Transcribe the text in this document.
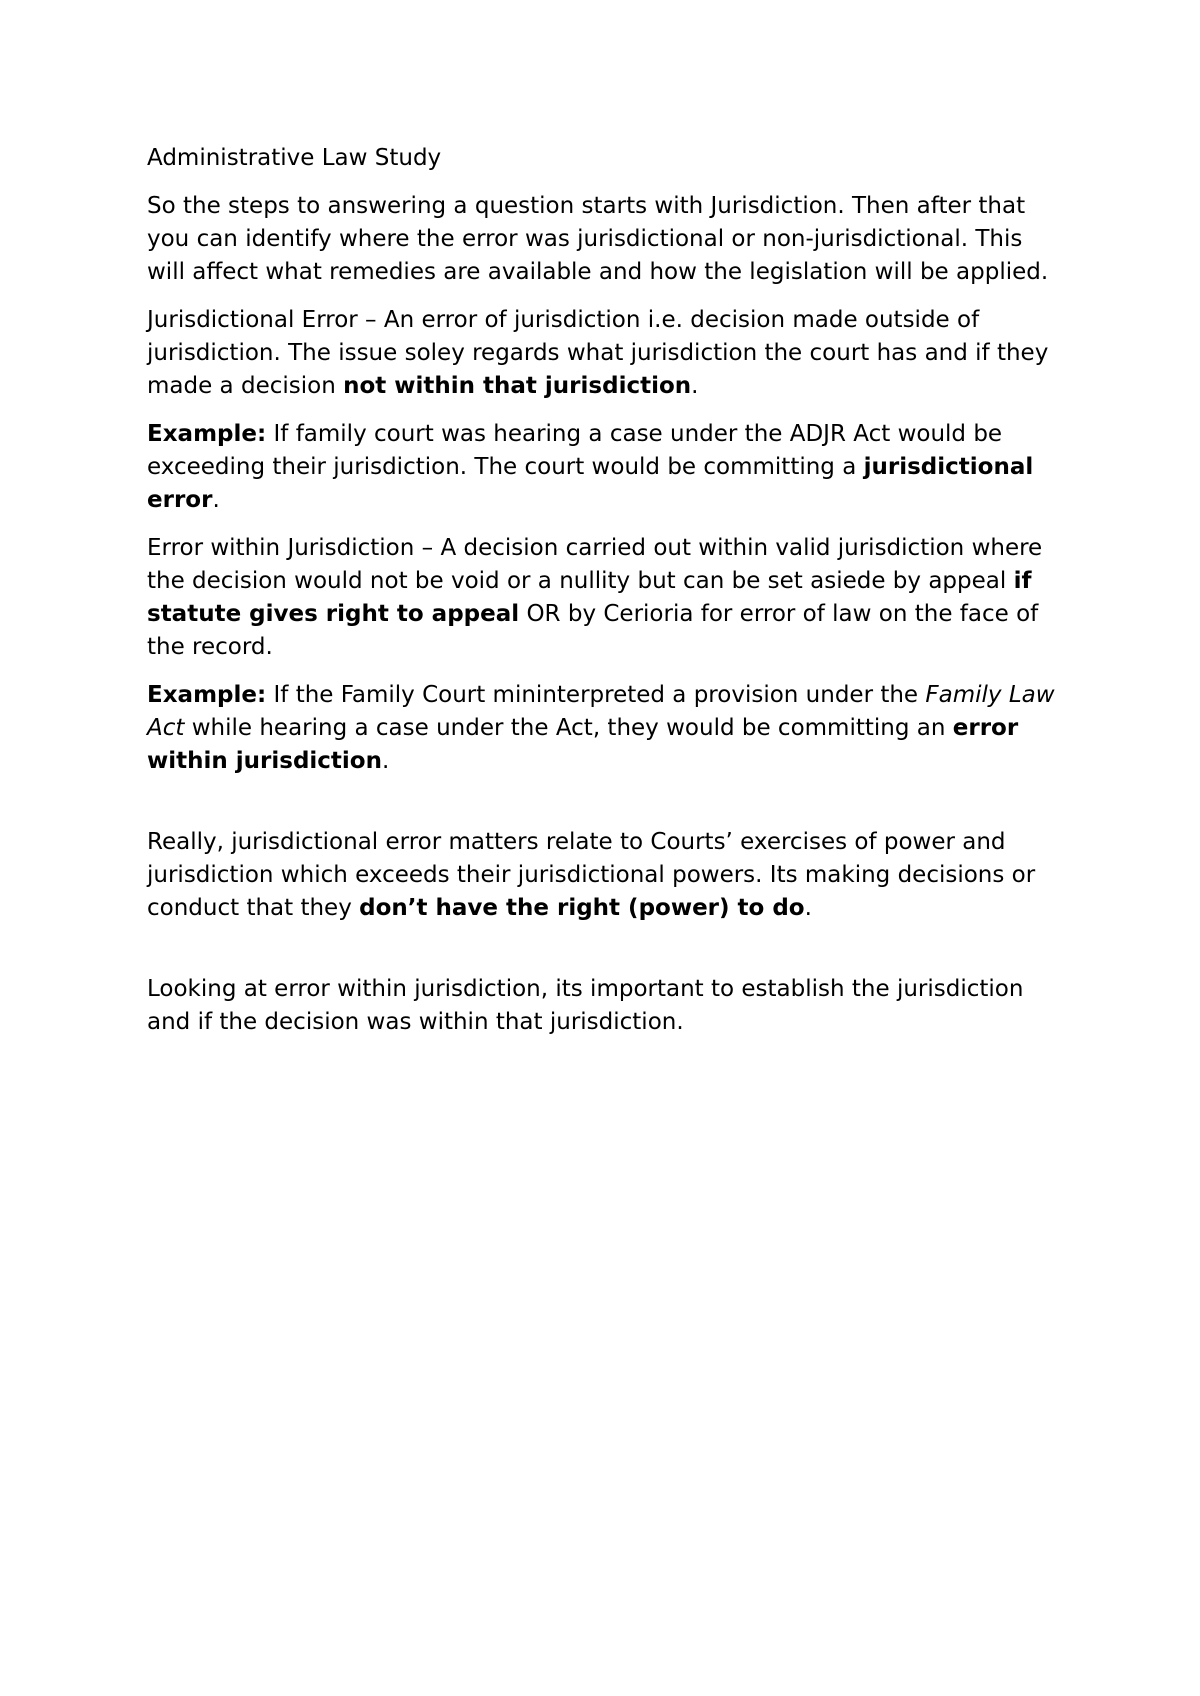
Administrative Law Study

So the steps to answering a question starts with Jurisdiction. Then after that you can identify where the error was jurisdictional or non-jurisdictional. This will affect what remedies are available and how the legislation will be applied.

Jurisdictional Error – An error of jurisdiction i.e. decision made outside of jurisdiction. The issue soley regards what jurisdiction the court has and if they made a decision not within that jurisdiction.

Example: If family court was hearing a case under the ADJR Act would be exceeding their jurisdiction. The court would be committing a jurisdictional error.

Error within Jurisdiction – A decision carried out within valid jurisdiction where the decision would not be void or a nullity but can be set asiede by appeal if statute gives right to appeal OR by Cerioria for error of law on the face of the record.

Example: If the Family Court mininterpreted a provision under the Family Law Act while hearing a case under the Act, they would be committing an error within jurisdiction.

Really, jurisdictional error matters relate to Courts’ exercises of power and jurisdiction which exceeds their jurisdictional powers. Its making decisions or conduct that they don’t have the right (power) to do.

Looking at error within jurisdiction, its important to establish the jurisdiction and if the decision was within that jurisdiction.
